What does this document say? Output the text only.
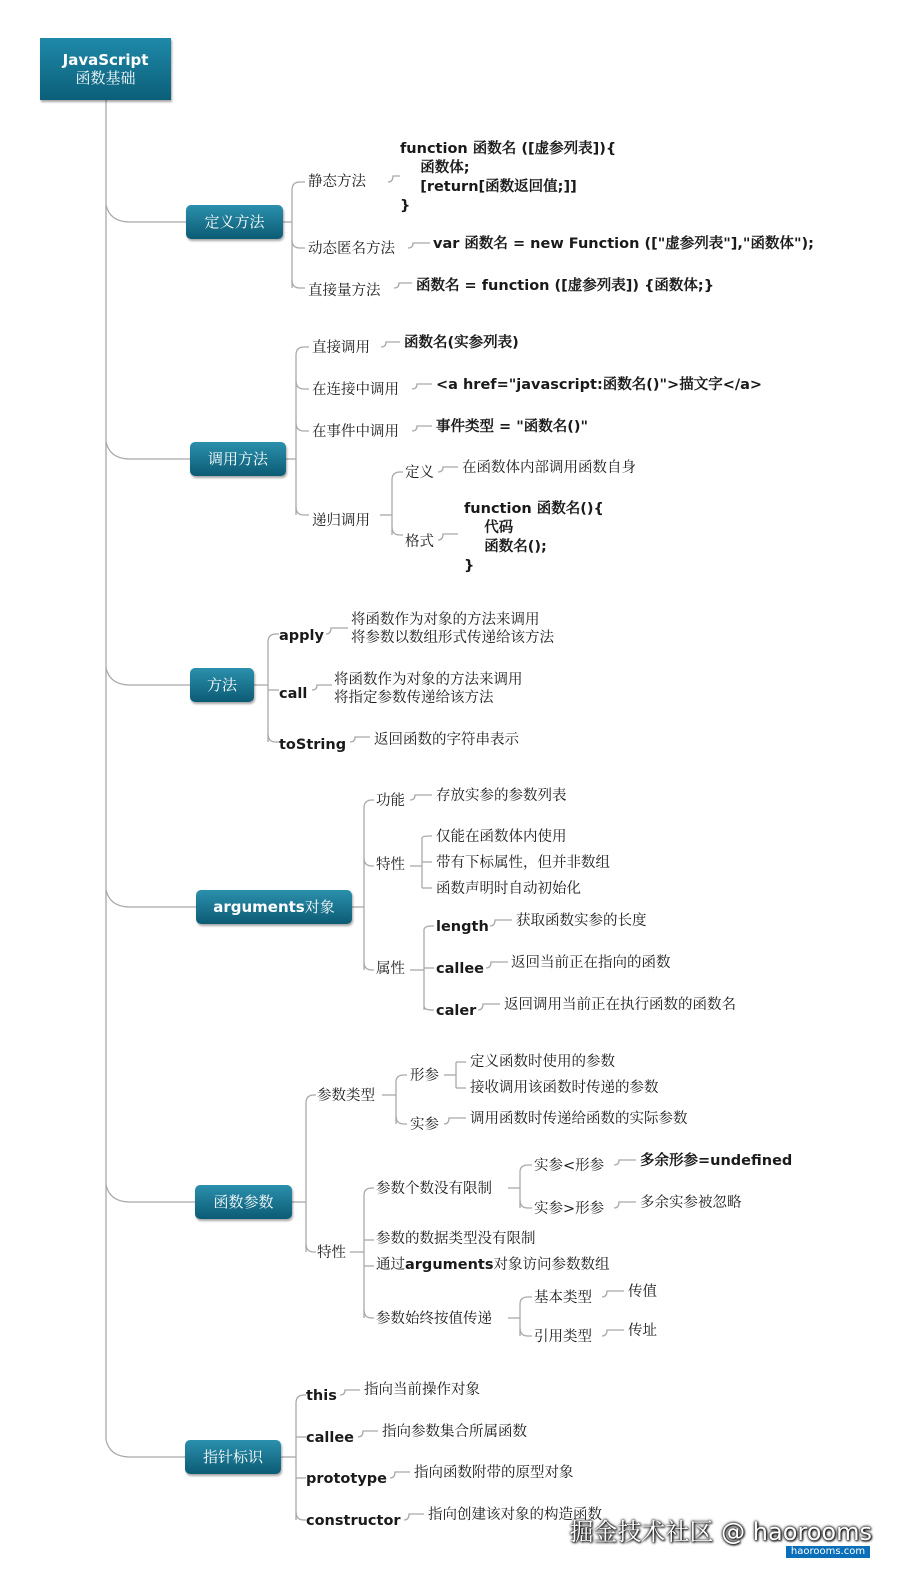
JavaScript
函数基础
定义方法
静态方法
function 函数名 ([虚参列表]){
函数体;
[return[函数返回值;]]
}
动态匿名方法	var 函数名 = new Function (["虚参列表"],"函数体");
直接量方法 函数名 = function ([虚参列表]) {函数体;}
调用方法
直接调用 函数名(实参列表)
在连接中调用	<a href="javascript:函数名()">描文字</a>
在事件中调用	事件类型 = "函数名()"
递归调用
定义 在函数体内部调用函数自身
格式
function 函数名(){
代码
函数名();
}
方法
apply
将函数作为对象的方法来调用
将参数以数组形式传递给该方法
call
将函数作为对象的方法来调用
将指定参数传递给该方法
toString 返回函数的字符串表示
arguments对象
功能 存放实参的参数列表
特性
仅能在函数体内使用
带有下标属性，但并非数组
函数声明时自动初始化
属性
length 获取函数实参的长度
callee 返回当前正在指向的函数
caler 返回调用当前正在执行函数的函数名
函数参数
参数类型
形参
定义函数时使用的参数
接收调用该函数时传递的参数
实参 调用函数时传递给函数的实际参数
特性
参数个数没有限制
实参<形参 多余形参=undefined
实参>形参 多余实参被忽略
参数的数据类型没有限制
通过arguments对象访问参数数组
参数始终按值传递
基本类型 传值
引用类型 传址
指针标识
this 指向当前操作对象
callee 指向参数集合所属函数
prototype 指向函数附带的原型对象
constructor 指向创建该对象的构造函数
掘金技术社区 @ haorooms
haorooms.com
